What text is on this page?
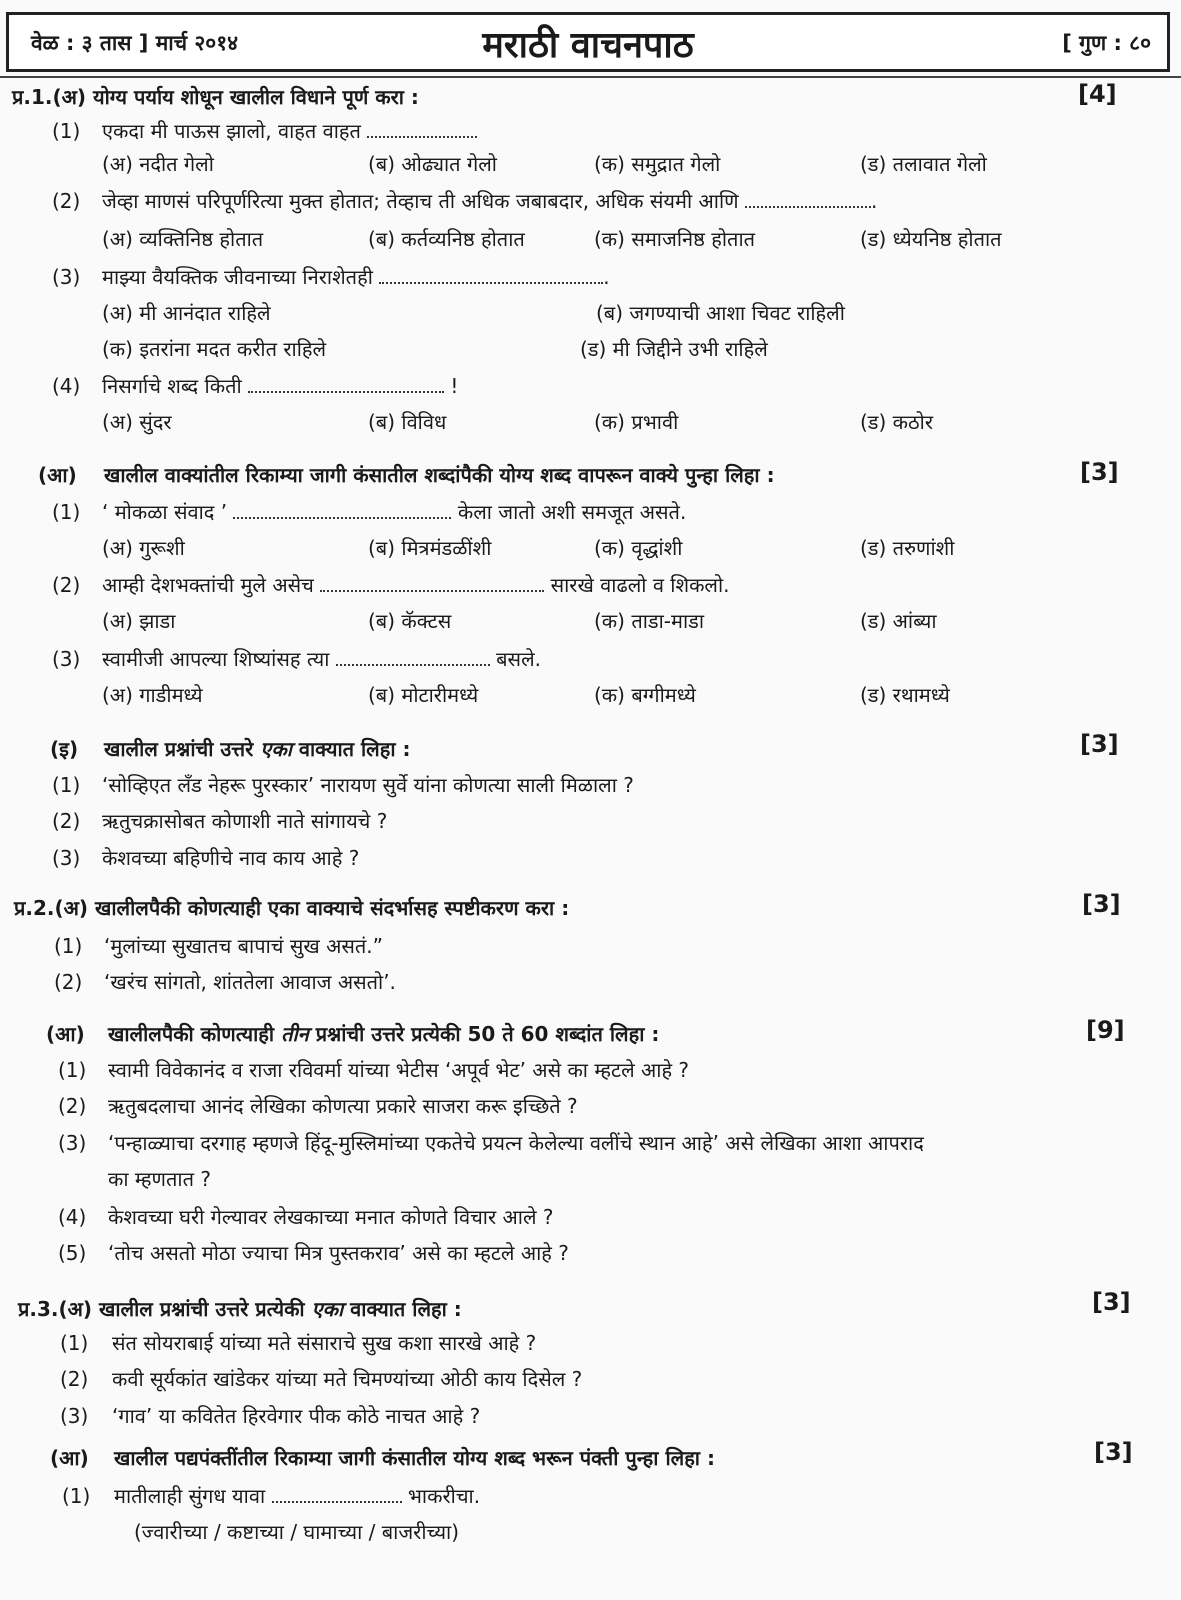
वेळ : ३ तास ] मार्च २०१४	मराठी वाचनपाठ	[ गुण : ८०
प्र.1.(अ) योग्य पर्याय शोधून खालील विधाने पूर्ण करा :	[4]
(1) एकदा मी पाऊस झालो, वाहत वाहत
(अ) नदीत गेलो	(ब) ओढ्यात गेलो	(क) समुद्रात गेलो	(ड) तलावात गेलो
(2) जेव्हा माणसं परिपूर्णरित्या मुक्त होतात; तेव्हाच ती अधिक जबाबदार, अधिक संयमी आणि	.
(अ) व्यक्तिनिष्ठ होतात	(ब) कर्तव्यनिष्ठ होतात	(क) समाजनिष्ठ होतात	(ड) ध्येयनिष्ठ होतात
(3) माझ्या वैयक्तिक जीवनाच्या निराशेतही	.
(अ) मी आनंदात राहिले	(ब) जगण्याची आशा चिवट राहिली
(क) इतरांना मदत करीत राहिले	(ड) मी जिद्दीने उभी राहिले
(4) निसर्गाचे शब्द किती	!
(अ) सुंदर	(ब) विविध	(क) प्रभावी	(ड) कठोर
(आ) खालील वाक्यांतील रिकाम्या जागी कंसातील शब्दांपैकी योग्य शब्द वापरून वाक्ये पुन्हा लिहा :	[3]
(1) ‘ मोकळा संवाद ’	केला जातो अशी समजूत असते.
(अ) गुरूशी	(ब) मित्रमंडळींशी	(क) वृद्धांशी	(ड) तरुणांशी
(2) आम्ही देशभक्तांची मुले असेच	सारखे वाढलो व शिकलो.
(अ) झाडा	(ब) कॅक्टस	(क) ताडा-माडा	(ड) आंब्या
(3) स्वामीजी आपल्या शिष्यांसह त्या	बसले.
(अ) गाडीमध्ये	(ब) मोटारीमध्ये	(क) बग्गीमध्ये	(ड) रथामध्ये
(इ) खालील प्रश्नांची उत्तरे एका वाक्यात लिहा :	[3]
(1) ‘सोव्हिएत लँड नेहरू पुरस्कार’ नारायण सुर्वे यांना कोणत्या साली मिळाला ?
(2) ऋतुचक्रासोबत कोणाशी नाते सांगायचे ?
(3) केशवच्या बहिणीचे नाव काय आहे ?
प्र.2.(अ) खालीलपैकी कोणत्याही एका वाक्याचे संदर्भासह स्पष्टीकरण करा :	[3]
(1) ‘मुलांच्या सुखातच बापाचं सुख असतं.”
(2) ‘खरंच सांगतो, शांततेला आवाज असतो’.
(आ) खालीलपैकी कोणत्याही तीन प्रश्नांची उत्तरे प्रत्येकी 50 ते 60 शब्दांत लिहा :	[9]
(1) स्वामी विवेकानंद व राजा रविवर्मा यांच्या भेटीस ‘अपूर्व भेट’ असे का म्हटले आहे ?
(2) ऋतुबदलाचा आनंद लेखिका कोणत्या प्रकारे साजरा करू इच्छिते ?
(3) ‘पन्हाळ्याचा दरगाह म्हणजे हिंदू-मुस्लिमांच्या एकतेचे प्रयत्न केलेल्या वलींचे स्थान आहे’ असे लेखिका आशा आपराद
का म्हणतात ?
(4) केशवच्या घरी गेल्यावर लेखकाच्या मनात कोणते विचार आले ?
(5) ‘तोच असतो मोठा ज्याचा मित्र पुस्तकराव’ असे का म्हटले आहे ?
प्र.3.(अ) खालील प्रश्नांची उत्तरे प्रत्येकी एका वाक्यात लिहा :	[3]
(1) संत सोयराबाई यांच्या मते संसाराचे सुख कशा सारखे आहे ?
(2) कवी सूर्यकांत खांडेकर यांच्या मते चिमण्यांच्या ओठी काय दिसेल ?
(3) ‘गाव’ या कवितेत हिरवेगार पीक कोठे नाचत आहे ?
(आ) खालील पद्यपंक्तींतील रिकाम्या जागी कंसातील योग्य शब्द भरून पंक्ती पुन्हा लिहा :	[3]
(1) मातीलाही सुंगध यावा	भाकरीचा.
(ज्वारीच्या / कष्टाच्या / घामाच्या / बाजरीच्या)
